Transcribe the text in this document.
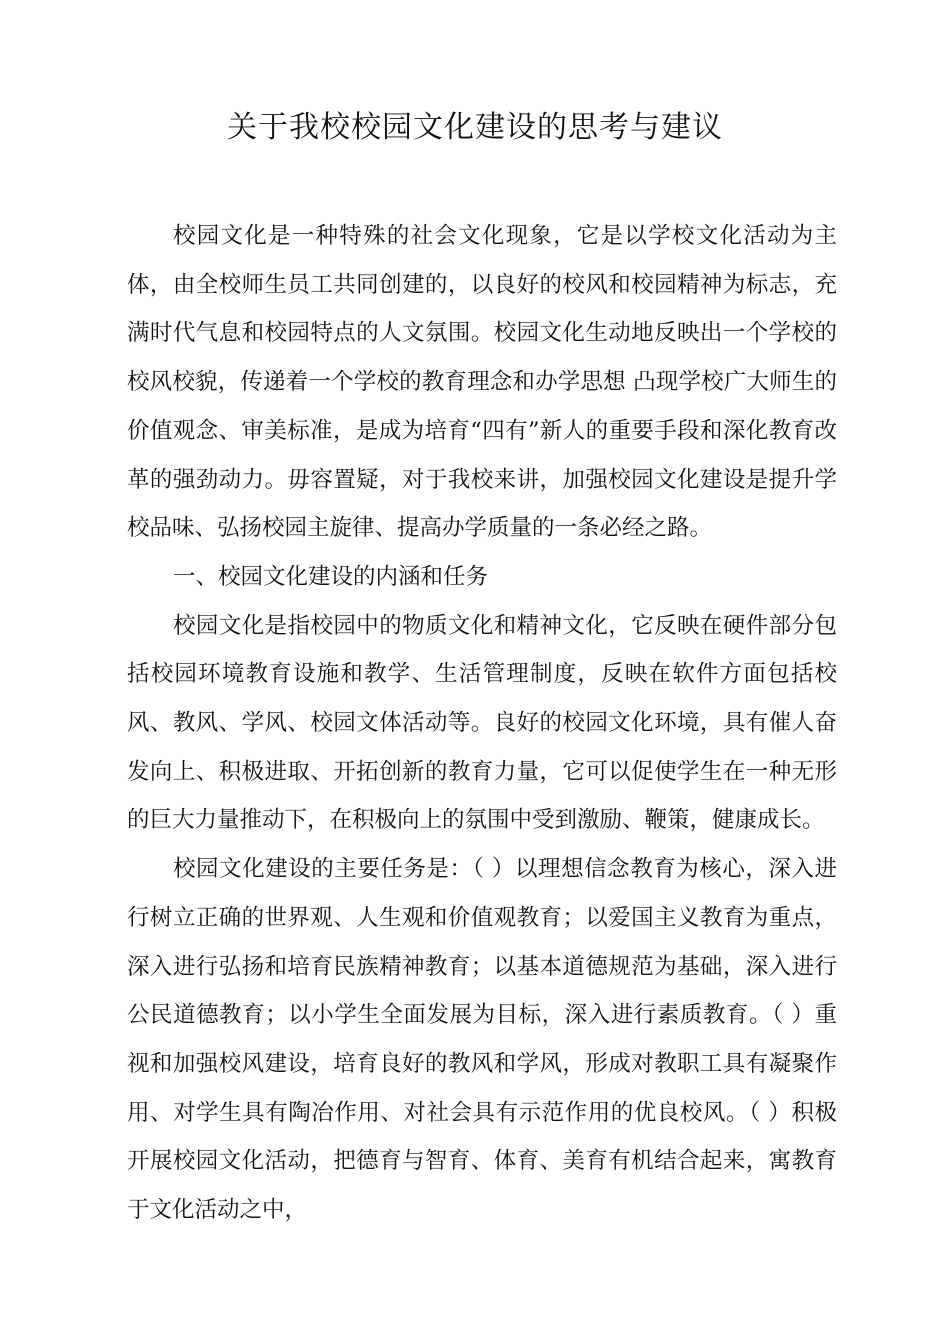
关于我校校园文化建设的思考与建议

校园文化是一种特殊的社会文化现象，它是以学校文化活动为主体，由全校师生员工共同创建的，以良好的校风和校园精神为标志，充满时代气息和校园特点的人文氛围。校园文化生动地反映出一个学校的校风校貌，传递着一个学校的教育理念和办学思想 凸现学校广大师生的价值观念、审美标准，是成为培育“四有”新人的重要手段和深化教育改革的强劲动力。毋容置疑，对于我校来讲，加强校园文化建设是提升学校品味、弘扬校园主旋律、提高办学质量的一条必经之路。

一、校园文化建设的内涵和任务

校园文化是指校园中的物质文化和精神文化，它反映在硬件部分包括校园环境教育设施和教学、生活管理制度，反映在软件方面包括校风、教风、学风、校园文体活动等。良好的校园文化环境，具有催人奋发向上、积极进取、开拓创新的教育力量，它可以促使学生在一种无形的巨大力量推动下，在积极向上的氛围中受到激励、鞭策，健康成长。

校园文化建设的主要任务是：（ ）以理想信念教育为核心，深入进行树立正确的世界观、人生观和价值观教育；以爱国主义教育为重点，深入进行弘扬和培育民族精神教育；以基本道德规范为基础，深入进行公民道德教育；以小学生全面发展为目标，深入进行素质教育。（ ）重视和加强校风建设，培育良好的教风和学风，形成对教职工具有凝聚作用、对学生具有陶冶作用、对社会具有示范作用的优良校风。（ ）积极开展校园文化活动，把德育与智育、体育、美育有机结合起来，寓教育于文化活动之中，
